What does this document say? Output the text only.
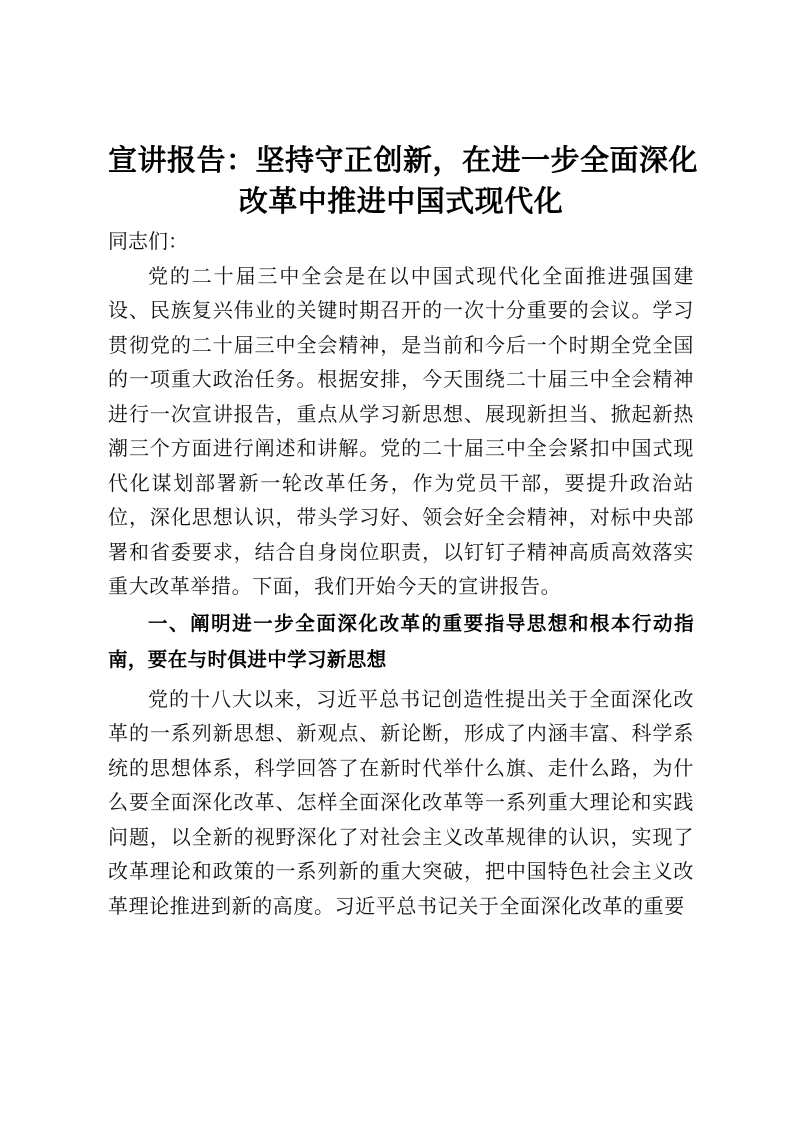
宣讲报告：坚持守正创新，在进一步全面深化
改革中推进中国式现代化

同志们：

党的二十届三中全会是在以中国式现代化全面推进强国建设、民族复兴伟业的关键时期召开的一次十分重要的会议。学习贯彻党的二十届三中全会精神，是当前和今后一个时期全党全国的一项重大政治任务。根据安排，今天围绕二十届三中全会精神进行一次宣讲报告，重点从学习新思想、展现新担当、掀起新热潮三个方面进行阐述和讲解。党的二十届三中全会紧扣中国式现代化谋划部署新一轮改革任务，作为党员干部，要提升政治站位，深化思想认识，带头学习好、领会好全会精神，对标中央部署和省委要求，结合自身岗位职责，以钉钉子精神高质高效落实重大改革举措。下面，我们开始今天的宣讲报告。

一、阐明进一步全面深化改革的重要指导思想和根本行动指南，要在与时俱进中学习新思想

党的十八大以来，习近平总书记创造性提出关于全面深化改革的一系列新思想、新观点、新论断，形成了内涵丰富、科学系统的思想体系，科学回答了在新时代举什么旗、走什么路，为什么要全面深化改革、怎样全面深化改革等一系列重大理论和实践问题，以全新的视野深化了对社会主义改革规律的认识，实现了改革理论和政策的一系列新的重大突破，把中国特色社会主义改革理论推进到新的高度。习近平总书记关于全面深化改革的重要
